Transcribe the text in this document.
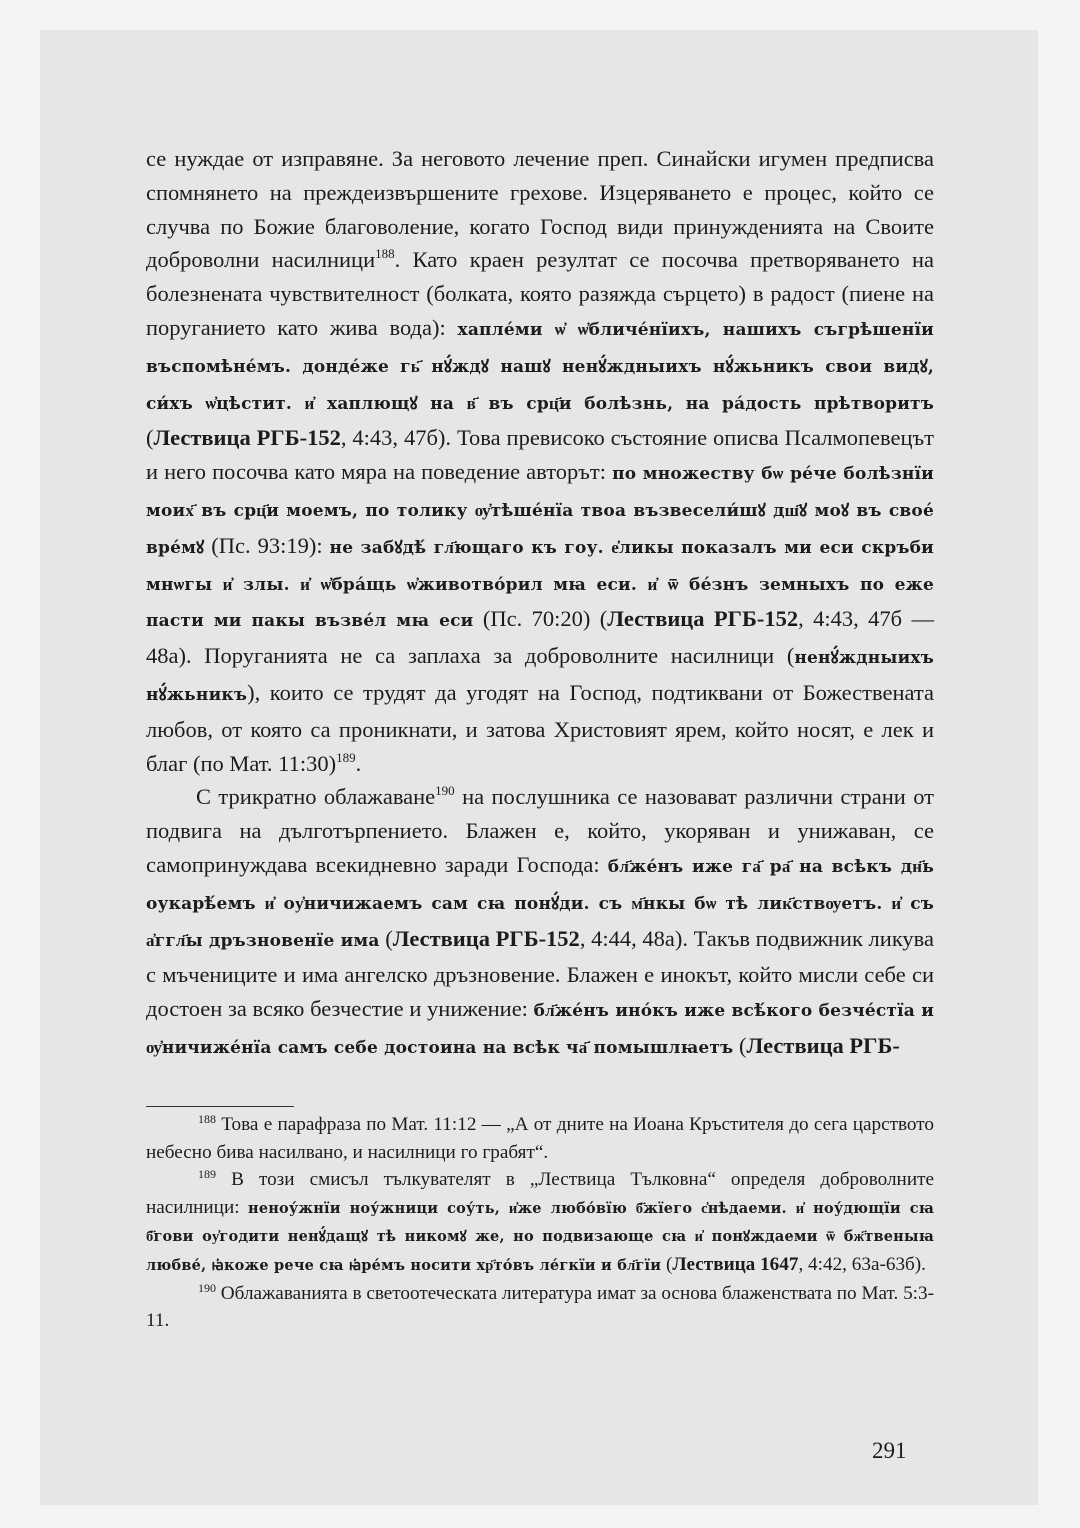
се нуждае от изправяне. За неговото лечение преп. Синайски игумен предписва спомнянето на преждеизвършените грехове. Изцеряването е процес, който се случва по Божие благоволение, когато Господ види принужденията на Своите доброволни насилници$^{188}$. Като краен резултат се посочва претворяването на болезнената чувствителност (болката, която разяжда сърцето) в радост (пиене на поруганието като жива вода): хапле́ми ѡ҆ ѡ҆бличе́нїихъ, нашихъ съгрѣшенїи въспомѣне́мъ. донде́же гь҃ нꙋ́ждꙋ нашꙋ ненꙋ́ждныихъ нꙋ́жьникъ свои видꙋ, си́хъ ѡ҆цѣстит. и҆ хаплющꙋ на в҃ въ срц҃и болѣзнь, на ра́дость прѣтворитъ (Лествица РГБ-152, 4:43, 47б). Това превисоко състояние описва Псалмопевецът и него посочва като мяра на поведение авторът: по множеству бѡ ре́че болѣзнїи моих҃ въ срц҃и моемъ, по толику ѹ҆тѣше́нїа твоа възвесели́шꙋ дш҃ꙋ моꙋ въ свое́ вре́мꙋ (Пс. 93:19): не забꙋдѣ́ гл҃ющаго къ гоу. е҆ликы показалъ ми еси скръби мнѡгы и҆ злы. и҆ ѡ҆бра́щь ѡ҆животво́рил мꙗ еси. и҆ ѿ бе́знъ земныхъ по еже пасти ми пакы възве́л мꙗ еси (Пс. 70:20) (Лествица РГБ-152, 4:43, 47б — 48а). Поруганията не са заплаха за доброволните насилници (ненꙋ́ждныихъ нꙋ́жьникъ), които се трудят да угодят на Господ, подтиквани от Божествената любов, от която са проникнати, и затова Христовият ярем, който носят, е лек и благ (по Мат. 11:30)$^{189}$.

С трикратно облажаване$^{190}$ на послушника се назовават различни страни от подвига на дълготърпението. Блажен е, който, укоряван и унижаван, се самопринуждава всекидневно заради Господа: бл҃же́нъ иже га҃ ра҃ на всѣкъ дн҃ь оукарѣ́емъ и҆ оу҆ничижаемъ сам сꙗ понꙋ́ди. съ м҃нкы бѡ тѣ лик҃ствѹетъ. и҆ съ а҆ггл҃ы дръзновенїе има (Лествица РГБ-152, 4:44, 48а). Такъв подвижник ликува с мъчениците и има ангелско дръзновение. Блажен е инокът, който мисли себе си достоен за всяко безчестие и унижение: бл҃же́нъ ино́къ иже всѣ́кого безче́стїа и ѹ҆ничиже́нїа самъ себе достоина на всѣк ча҃ помышлꙗетъ (Лествица РГБ-

$^{188}$ Това е парафраза по Мат. 11:12 — „А от дните на Иоана Кръстителя до сега царството небесно бива насилвано, и насилници го грабят“.

$^{189}$ В този смисъл тълкувателят в „Лествица Тълковна“ определя доброволните насилници: неноу́жнїи ноу́жници соу́ть, и҆же любо́вїю б҃жїего с҆нѣдаеми. и҆ ноу́дющїи сꙗ б҃гови оу҆годити ненꙋ́дащꙋ тѣ никомꙋ же, но подвизающе сꙗ и҆ понꙋждаеми ѿ бж҃твеныꙗ любве́, ꙗ҆коже рече сꙗ ꙗ҆ре́мъ носити хр҃то́въ ле́гкїи и бл҃гїи (Лествица 1647, 4:42, 63а-63б).

$^{190}$ Облажаванията в светоотеческата литература имат за основа блаженствата по Мат. 5:3-11.

291
